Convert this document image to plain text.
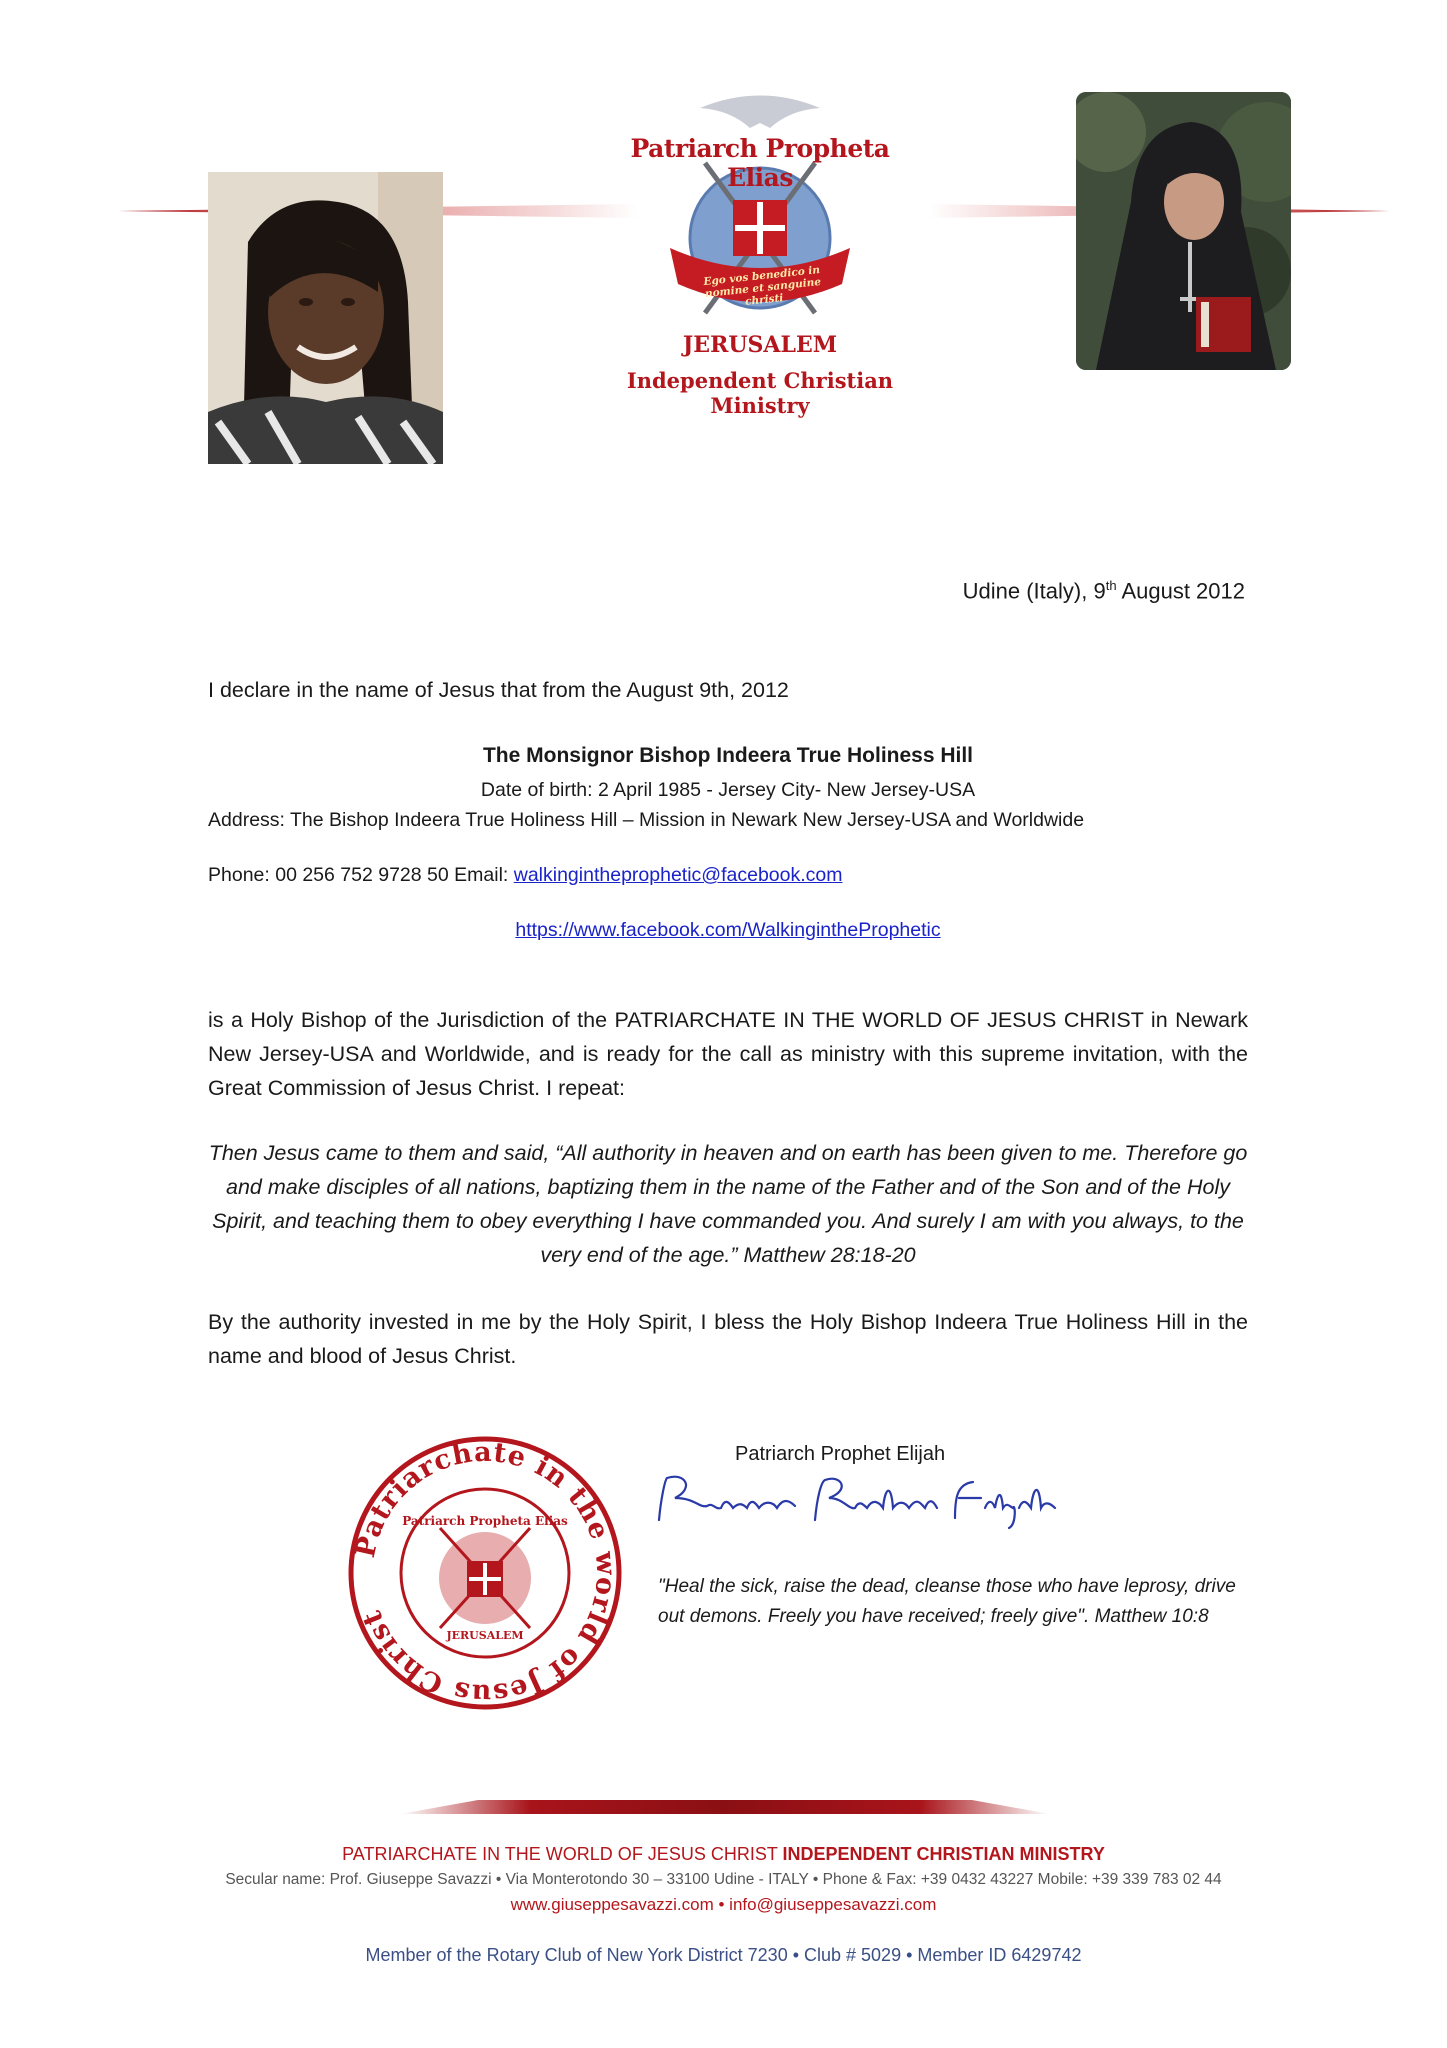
Patriarch Propheta Elias
Ego vos benedico in nomine et sanguine christi
JERUSALEM
Independent Christian Ministry
Udine (Italy), 9th August 2012
I declare in the name of Jesus that from the August 9th, 2012
The Monsignor Bishop Indeera True Holiness Hill
Date of birth: 2 April 1985 - Jersey City- New Jersey-USA
Address: The Bishop Indeera True Holiness Hill – Mission in Newark New Jersey-USA and Worldwide
Phone: 00 256 752 9728 50 Email: walkingintheprophetic@facebook.com
https://www.facebook.com/WalkingintheProphetic
is a Holy Bishop of the Jurisdiction of the PATRIARCHATE IN THE WORLD OF JESUS CHRIST in Newark New Jersey-USA and Worldwide, and is ready for the call as ministry with this supreme invitation, with the Great Commission of Jesus Christ. I repeat:
Then Jesus came to them and said, “All authority in heaven and on earth has been given to me. Therefore go and make disciples of all nations, baptizing them in the name of the Father and of the Son and of the Holy Spirit, and teaching them to obey everything I have commanded you. And surely I am with you always, to the very end of the age.” Matthew 28:18-20
By the authority invested in me by the Holy Spirit, I bless the Holy Bishop Indeera True Holiness Hill in the name and blood of Jesus Christ.
Patriarchate in the world of Jesus Christ
Patriarch Propheta Elias
JERUSALEM
Patriarch Prophet Elijah
"Heal the sick, raise the dead, cleanse those who have leprosy, drive out demons. Freely you have received; freely give". Matthew 10:8
PATRIARCHATE IN THE WORLD OF JESUS CHRIST INDEPENDENT CHRISTIAN MINISTRY
Secular name: Prof. Giuseppe Savazzi • Via Monterotondo 30 – 33100 Udine - ITALY • Phone & Fax: +39 0432 43227 Mobile: +39 339 783 02 44
www.giuseppesavazzi.com • info@giuseppesavazzi.com
Member of the Rotary Club of New York District 7230 • Club # 5029 • Member ID 6429742
